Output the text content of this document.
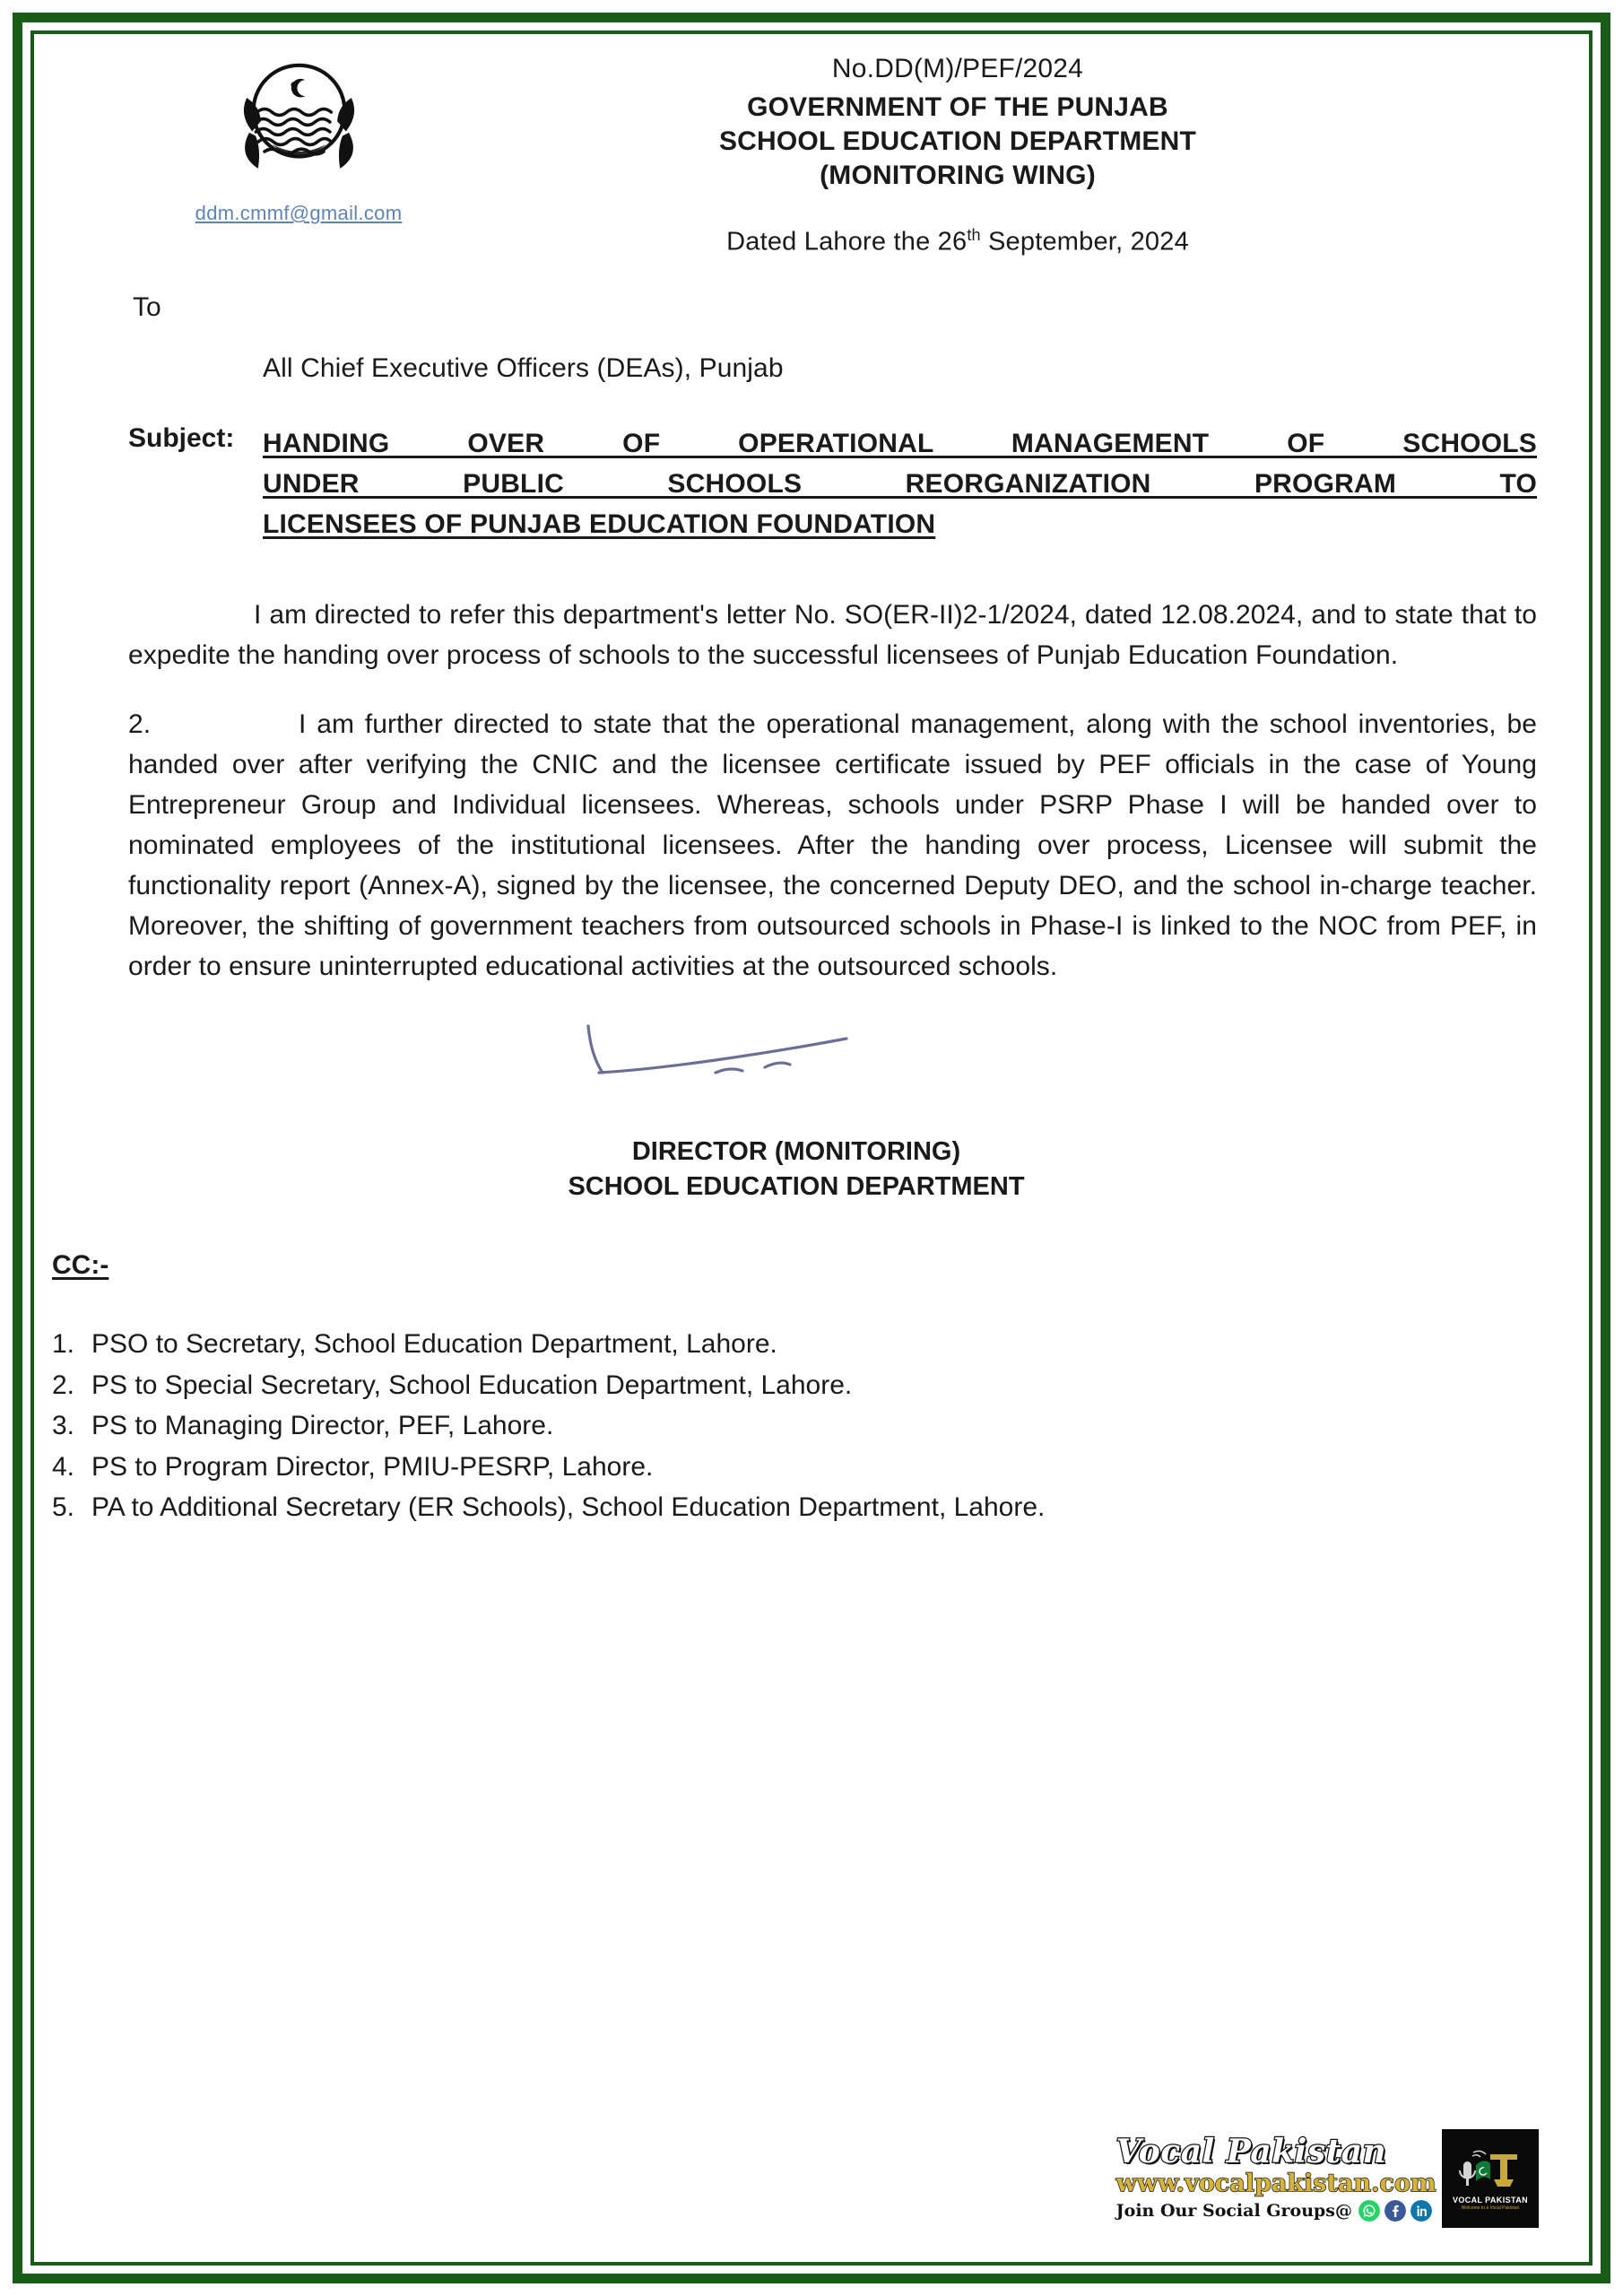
ddm.cmmf@gmail.com
No.DD(M)/PEF/2024
GOVERNMENT OF THE PUNJAB
SCHOOL EDUCATION DEPARTMENT
(MONITORING WING)
Dated Lahore the 26th September, 2024
To
All Chief Executive Officers (DEAs), Punjab
Subject:	HANDING OVER OF OPERATIONAL MANAGEMENT OF SCHOOLS
UNDER PUBLIC SCHOOLS REORGANIZATION PROGRAM TO
LICENSEES OF PUNJAB EDUCATION FOUNDATION
I am directed to refer this department's letter No. SO(ER-II)2-1/2024, dated 12.08.2024, and to state that to expedite the handing over process of schools to the successful licensees of Punjab Education Foundation.
2.	I am further directed to state that the operational management, along with the school inventories, be handed over after verifying the CNIC and the licensee certificate issued by PEF officials in the case of Young Entrepreneur Group and Individual licensees. Whereas, schools under PSRP Phase I will be handed over to nominated employees of the institutional licensees. After the handing over process, Licensee will submit the functionality report (Annex-A), signed by the licensee, the concerned Deputy DEO, and the school in-charge teacher. Moreover, the shifting of government teachers from outsourced schools in Phase-I is linked to the NOC from PEF, in order to ensure uninterrupted educational activities at the outsourced schools.
DIRECTOR (MONITORING)
SCHOOL EDUCATION DEPARTMENT
CC:-
1. PSO to Secretary, School Education Department, Lahore.
2. PS to Special Secretary, School Education Department, Lahore.
3. PS to Managing Director, PEF, Lahore.
4. PS to Program Director, PMIU-PESRP, Lahore.
5. PA to Additional Secretary (ER Schools), School Education Department, Lahore.
Vocal Pakistan
www.vocalpakistan.com
Join Our Social Groups@
VOCAL PAKISTAN
Welcome to a Vocal Pakistan
